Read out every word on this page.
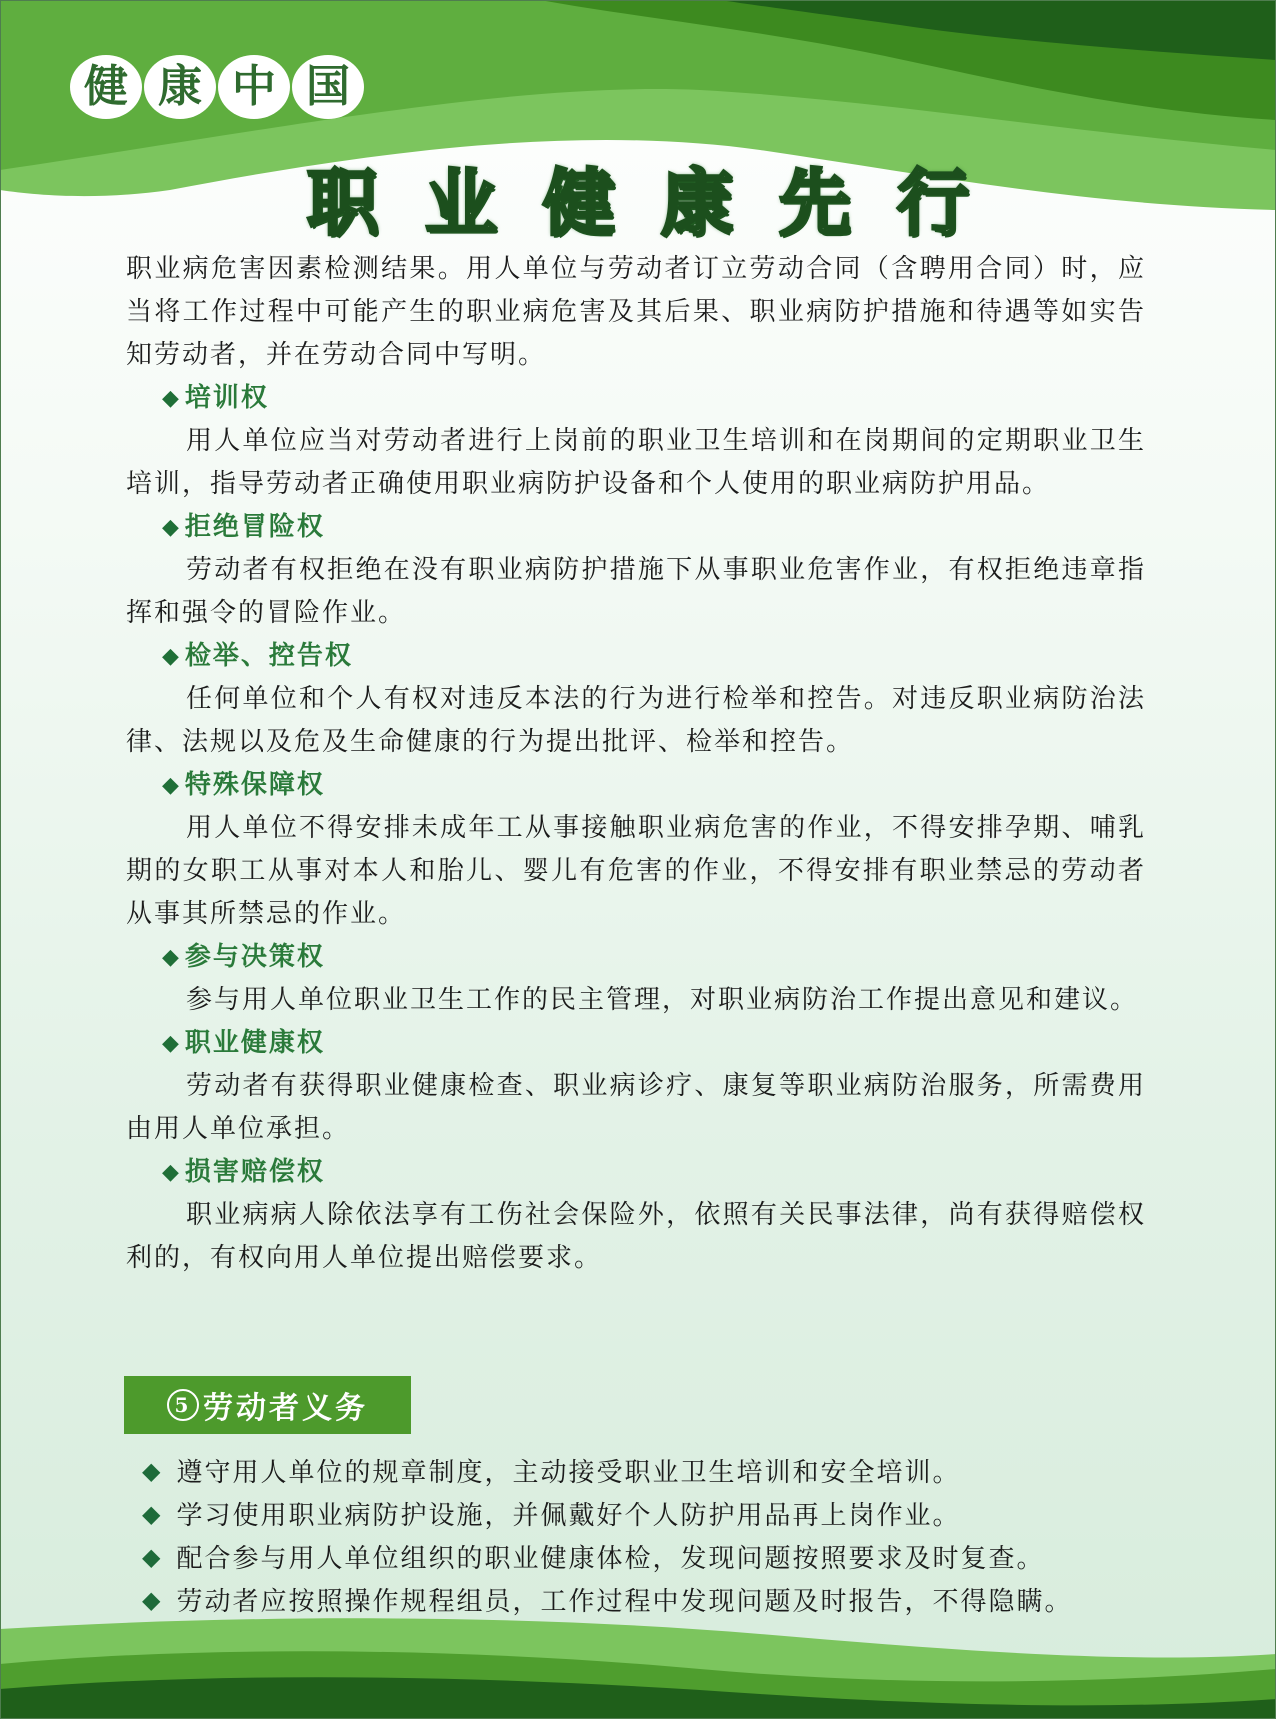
健 康 中 国
职业健康先行

职业病危害因素检测结果。用人单位与劳动者订立劳动合同（含聘用合同）时，应当将工作过程中可能产生的职业病危害及其后果、职业病防护措施和待遇等如实告知劳动者，并在劳动合同中写明。

◆ 培训权

用人单位应当对劳动者进行上岗前的职业卫生培训和在岗期间的定期职业卫生培训，指导劳动者正确使用职业病防护设备和个人使用的职业病防护用品。

◆ 拒绝冒险权

劳动者有权拒绝在没有职业病防护措施下从事职业危害作业，有权拒绝违章指挥和强令的冒险作业。

◆ 检举、控告权

任何单位和个人有权对违反本法的行为进行检举和控告。对违反职业病防治法律、法规以及危及生命健康的行为提出批评、检举和控告。

◆ 特殊保障权

用人单位不得安排未成年工从事接触职业病危害的作业，不得安排孕期、哺乳期的女职工从事对本人和胎儿、婴儿有危害的作业，不得安排有职业禁忌的劳动者从事其所禁忌的作业。

◆ 参与决策权

参与用人单位职业卫生工作的民主管理，对职业病防治工作提出意见和建议。

◆ 职业健康权

劳动者有获得职业健康检查、职业病诊疗、康复等职业病防治服务，所需费用由用人单位承担。

◆ 损害赔偿权

职业病病人除依法享有工伤社会保险外，依照有关民事法律，尚有获得赔偿权利的，有权向用人单位提出赔偿要求。

5 劳动者义务
◆ 遵守用人单位的规章制度，主动接受职业卫生培训和安全培训。
◆ 学习使用职业病防护设施，并佩戴好个人防护用品再上岗作业。
◆ 配合参与用人单位组织的职业健康体检，发现问题按照要求及时复查。
◆ 劳动者应按照操作规程组员，工作过程中发现问题及时报告，不得隐瞒。
